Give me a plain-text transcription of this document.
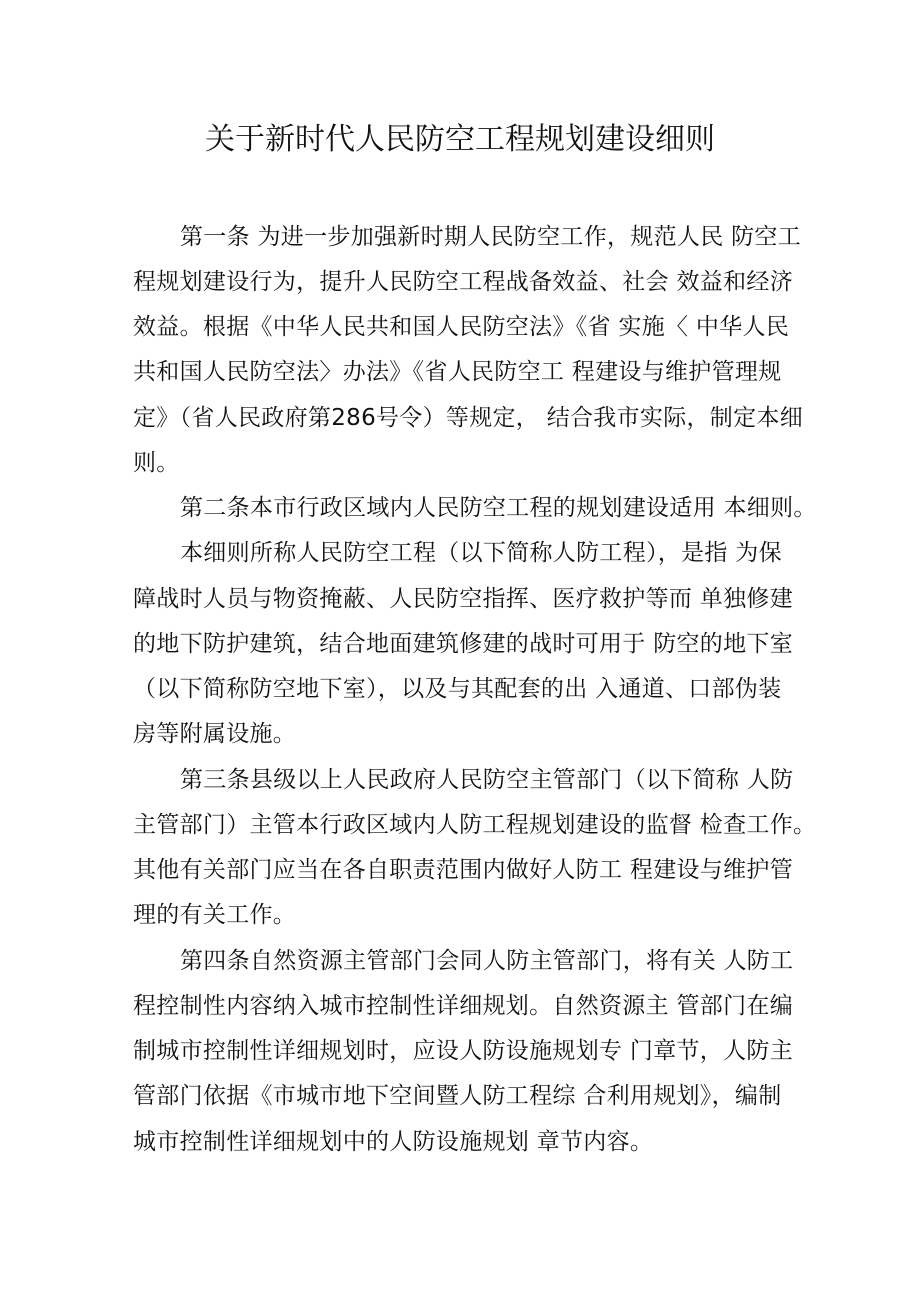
关于新时代人民防空工程规划建设细则
第一条 为进一步加强新时期人民防空工作，规范人民 防空工
程规划建设行为，提升人民防空工程战备效益、社会 效益和经济
效益。根据《中华人民共和国人民防空法》《省 实施〈 中华人民
共和国人民防空法〉办法》《省人民防空工 程建设与维护管理规
定》（省人民政府第286号令）等规定， 结合我市实际，制定本细
则。
第二条本市行政区域内人民防空工程的规划建设适用 本细则。
本细则所称人民防空工程（以下简称人防工程），是指 为保
障战时人员与物资掩蔽、人民防空指挥、医疗救护等而 单独修建
的地下防护建筑，结合地面建筑修建的战时可用于 防空的地下室
（以下简称防空地下室），以及与其配套的出 入通道、口部伪装
房等附属设施。
第三条县级以上人民政府人民防空主管部门（以下简称 人防
主管部门）主管本行政区域内人防工程规划建设的监督 检查工作。
其他有关部门应当在各自职责范围内做好人防工 程建设与维护管
理的有关工作。
第四条自然资源主管部门会同人防主管部门，将有关 人防工
程控制性内容纳入城市控制性详细规划。自然资源主 管部门在编
制城市控制性详细规划时，应设人防设施规划专 门章节，人防主
管部门依据《市城市地下空间暨人防工程综 合利用规划》，编制
城市控制性详细规划中的人防设施规划 章节内容。
